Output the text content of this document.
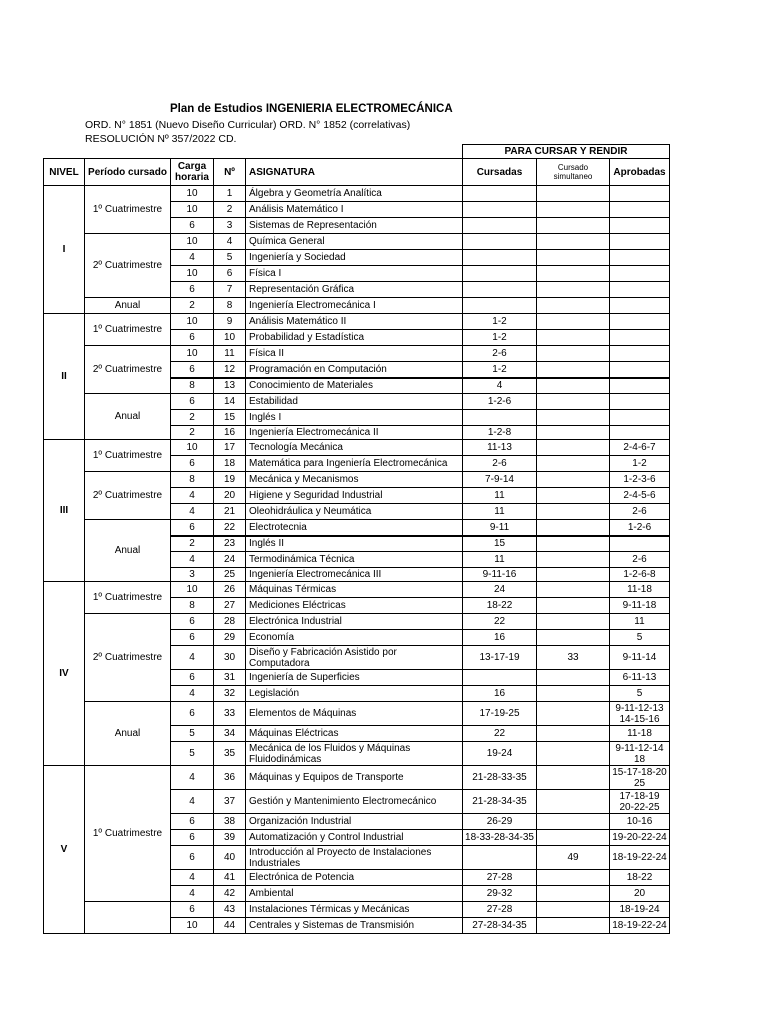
Plan de Estudios INGENIERIA ELECTROMECÁNICA
ORD. N° 1851 (Nuevo Diseño Curricular) ORD. N° 1852 (correlativas)
RESOLUCIÓN Nº 357/2022 CD.
					PARA CURSAR Y RENDIR		
NIVEL	Período cursado	Carga
horaria	Nº	ASIGNATURA	Cursadas	Cursado
simultaneo	Aprobadas
I	1º Cuatrimestre	10	1	Álgebra y Geometría Analítica			
		10	2	Análisis Matemático I			
		6	3	Sistemas de Representación			
	2º Cuatrimestre	10	4	Química General			
		4	5	Ingeniería y Sociedad			
		10	6	Física I			
		6	7	Representación Gráfica			
	Anual	2	8	Ingeniería Electromecánica I			
II	1º Cuatrimestre	10	9	Análisis Matemático II	1-2		
		6	10	Probabilidad y Estadística	1-2		
	2º Cuatrimestre	10	11	Física II	2-6		
		6	12	Programación en Computación	1-2		
		8	13	Conocimiento de Materiales	4		
	Anual	6	14	Estabilidad	1-2-6		
		2	15	Inglés I			
		2	16	Ingeniería Electromecánica II	1-2-8		
III	1º Cuatrimestre	10	17	Tecnología Mecánica	11-13		2-4-6-7
		6	18	Matemática para Ingeniería Electromecánica	2-6		1-2
	2º Cuatrimestre	8	19	Mecánica y Mecanismos	7-9-14		1-2-3-6
		4	20	Higiene y Seguridad Industrial	11		2-4-5-6
		4	21	Oleohidráulica y Neumática	11		2-6
	Anual	6	22	Electrotecnia	9-11		1-2-6
		2	23	Inglés II	15		
		4	24	Termodinámica Técnica	11		2-6
		3	25	Ingeniería Electromecánica III	9-11-16		1-2-6-8
IV	1º Cuatrimestre	10	26	Máquinas Térmicas	24		11-18
		8	27	Mediciones Eléctricas	18-22		9-11-18
	2º Cuatrimestre	6	28	Electrónica Industrial	22		11
		6	29	Economía	16		5
		4	30	Diseño y Fabricación Asistido por Computadora	13-17-19	33	9-11-14
		6	31	Ingeniería de Superficies			6-11-13
		4	32	Legislación	16		5
	Anual	6	33	Elementos de Máquinas	17-19-25		9-11-12-13 14-15-16
		5	34	Máquinas Eléctricas	22		11-18
		5	35	Mecánica de los Fluidos y Máquinas Fluidodinámicas	19-24		9-11-12-14 18
V	1º Cuatrimestre	4	36	Máquinas y Equipos de Transporte	21-28-33-35		15-17-18-20 25
		4	37	Gestión y Mantenimiento Electromecánico	21-28-34-35		17-18-19 20-22-25
		6	38	Organización Industrial	26-29		10-16
		6	39	Automatización y Control Industrial	18-33-28-34-35		19-20-22-24
		6	40	Introducción al Proyecto de Instalaciones Industriales		49	18-19-22-24
		4	41	Electrónica de Potencia	27-28		18-22
		4	42	Ambiental	29-32		20
		6	43	Instalaciones Térmicas y Mecánicas	27-28		18-19-24
		10	44	Centrales y Sistemas de Transmisión	27-28-34-35		18-19-22-24
